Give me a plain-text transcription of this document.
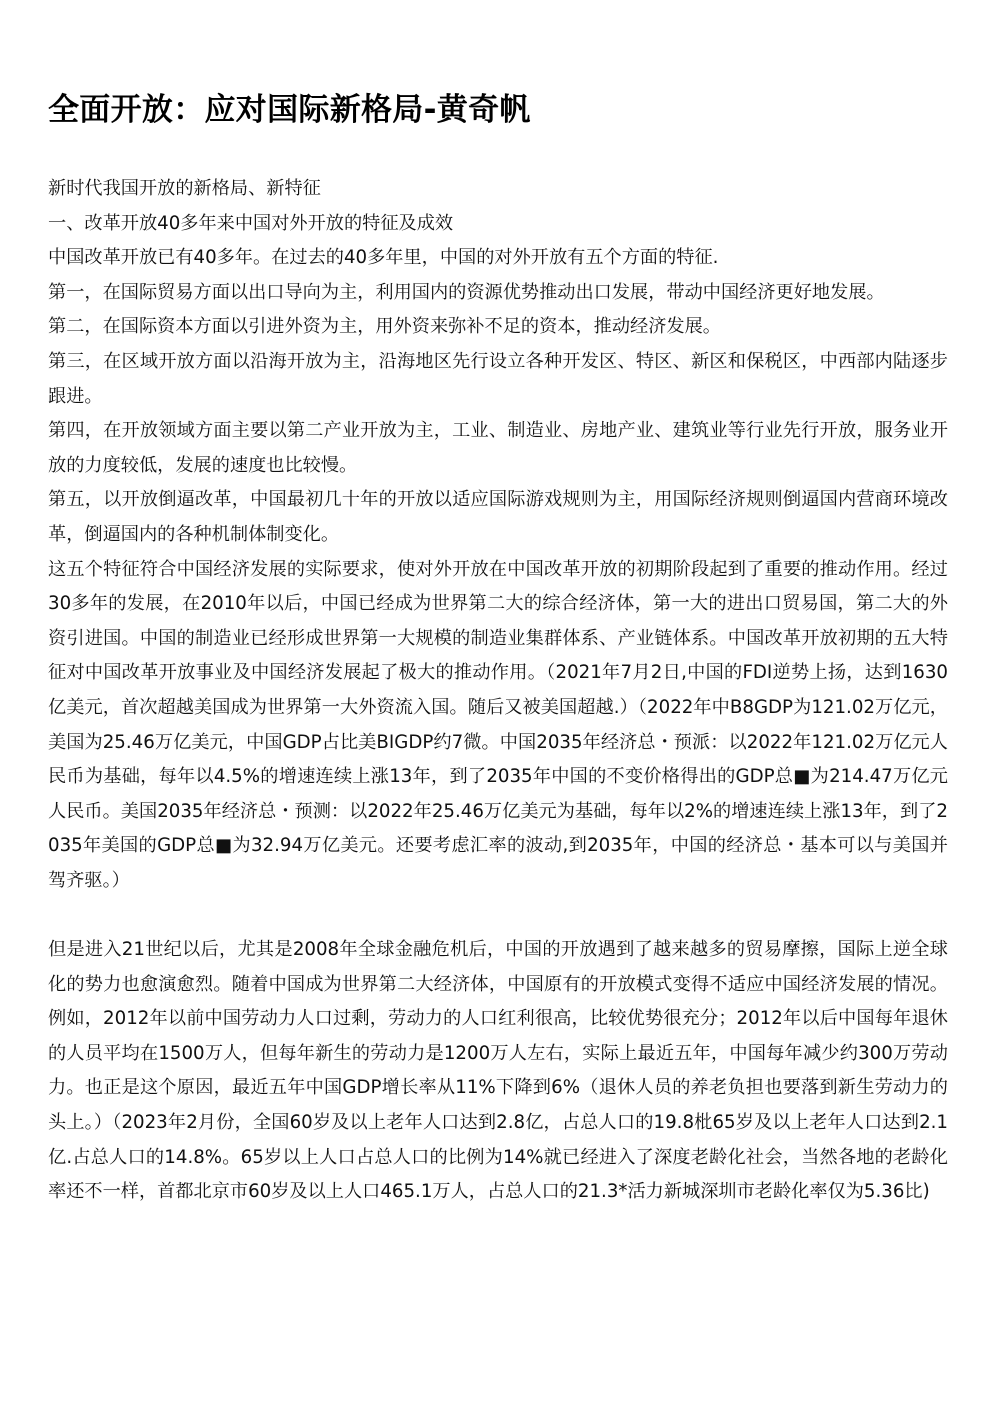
全面开放：应对国际新格局-黄奇帆

新时代我国开放的新格局、新特征

一、改革开放40多年来中国对外开放的特征及成效

中国改革开放已有40多年。在过去的40多年里，中国的对外开放有五个方面的特征.

第一，在国际贸易方面以出口导向为主，利用国内的资源优势推动出口发展，带动中国经济更好地发展。

第二，在国际资本方面以引进外资为主，用外资来弥补不足的资本，推动经济发展。

第三，在区域开放方面以沿海开放为主，沿海地区先行设立各种开发区、特区、新区和保税区，中西部内陆逐步跟进。

第四，在开放领域方面主要以第二产业开放为主，工业、制造业、房地产业、建筑业等行业先行开放，服务业开放的力度较低，发展的速度也比较慢。

第五，以开放倒逼改革，中国最初几十年的开放以适应国际游戏规则为主，用国际经济规则倒逼国内营商环境改革，倒逼国内的各种机制体制变化。

这五个特征符合中国经济发展的实际要求，使对外开放在中国改革开放的初期阶段起到了重要的推动作用。经过30多年的发展，在2010年以后，中国已经成为世界第二大的综合经济体，第一大的进出口贸易国，第二大的外资引进国。中国的制造业已经形成世界第一大规模的制造业集群体系、产业链体系。中国改革开放初期的五大特征对中国改革开放事业及中国经济发展起了极大的推动作用。（2021年7月2日,中国的FDI逆势上扬，达到1630亿美元，首次超越美国成为世界第一大外资流入国。随后又被美国超越.）（2022年中B8GDP为121.02万亿元，美国为25.46万亿美元，中国GDP占比美BIGDP约7微。中国2035年经济总・预派：以2022年121.02万亿元人民币为基础，每年以4.5%的增速连续上涨13年，到了2035年中国的不变价格得出的GDP总■为214.47万亿元人民币。美国2035年经济总・预测：以2022年25.46万亿美元为基础，每年以2%的增速连续上涨13年，到了2035年美国的GDP总■为32.94万亿美元。还要考虑汇率的波动,到2035年，中国的经济总・基本可以与美国并驾齐驱。）

但是进入21世纪以后，尤其是2008年全球金融危机后，中国的开放遇到了越来越多的贸易摩擦，国际上逆全球化的势力也愈演愈烈。随着中国成为世界第二大经济体，中国原有的开放模式变得不适应中国经济发展的情况。例如，2012年以前中国劳动力人口过剩，劳动力的人口红利很高，比较优势很充分；2012年以后中国每年退休的人员平均在1500万人，但每年新生的劳动力是1200万人左右，实际上最近五年，中国每年减少约300万劳动力。也正是这个原因，最近五年中国GDP增长率从11%下降到6%（退休人员的养老负担也要落到新生劳动力的头上。）（2023年2月份，全国60岁及以上老年人口达到2.8亿，占总人口的19.8枇65岁及以上老年人口达到2.1亿.占总人口的14.8%。65岁以上人口占总人口的比例为14%就已经进入了深度老龄化社会，当然各地的老龄化率还不一样，首都北京市60岁及以上人口465.1万人，占总人口的21.3*活力新城深圳市老龄化率仅为5.36比)
